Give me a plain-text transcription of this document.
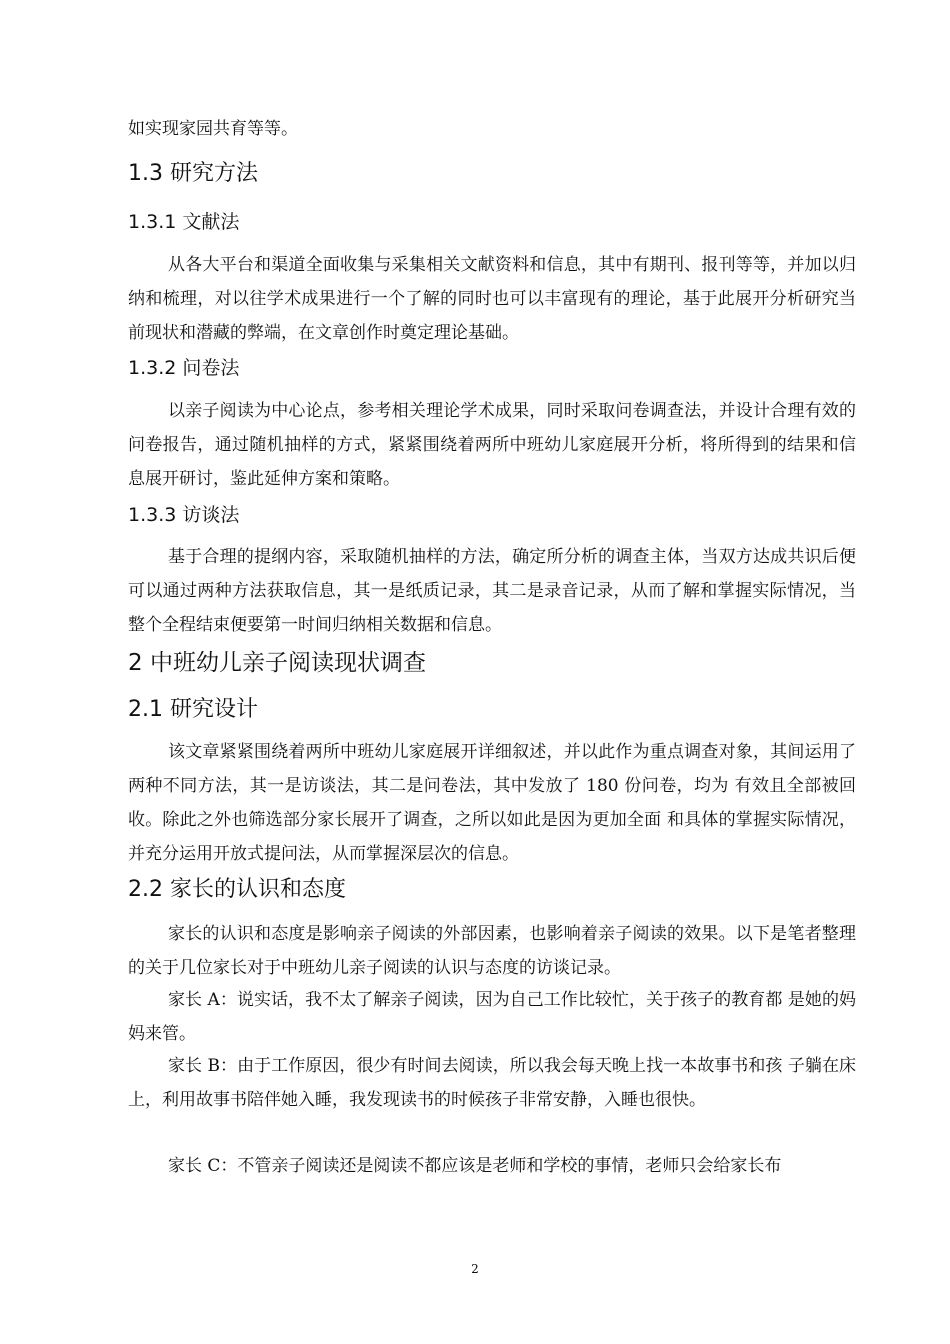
如实现家园共育等等。

1.3 研究方法
1.3.1 文献法

从各大平台和渠道全面收集与采集相关文献资料和信息，其中有期刊、报刊等等，并加以归纳和梳理，对以往学术成果进行一个了解的同时也可以丰富现有的理论，基于此展开分析研究当前现状和潜藏的弊端，在文章创作时奠定理论基础。

1.3.2 问卷法

以亲子阅读为中心论点，参考相关理论学术成果，同时采取问卷调查法，并设计合理有效的问卷报告，通过随机抽样的方式，紧紧围绕着两所中班幼儿家庭展开分析，将所得到的结果和信息展开研讨，鉴此延伸方案和策略。

1.3.3 访谈法

基于合理的提纲内容，采取随机抽样的方法，确定所分析的调查主体，当双方达成共识后便可以通过两种方法获取信息，其一是纸质记录，其二是录音记录，从而了解和掌握实际情况，当整个全程结束便要第一时间归纳相关数据和信息。

2 中班幼儿亲子阅读现状调查
2.1 研究设计

该文章紧紧围绕着两所中班幼儿家庭展开详细叙述，并以此作为重点调查对象，其间运用了两种不同方法，其一是访谈法，其二是问卷法，其中发放了 180 份问卷，均为 有效且全部被回收。除此之外也筛选部分家长展开了调查，之所以如此是因为更加全面 和具体的掌握实际情况，并充分运用开放式提问法，从而掌握深层次的信息。

2.2 家长的认识和态度

家长的认识和态度是影响亲子阅读的外部因素，也影响着亲子阅读的效果。以下是笔者整理的关于几位家长对于中班幼儿亲子阅读的认识与态度的访谈记录。

家长 A：说实话，我不太了解亲子阅读，因为自己工作比较忙，关于孩子的教育都 是她的妈妈来管。

家长 B：由于工作原因，很少有时间去阅读，所以我会每天晚上找一本故事书和孩 子躺在床上，利用故事书陪伴她入睡，我发现读书的时候孩子非常安静，入睡也很快。

家长 C：不管亲子阅读还是阅读不都应该是老师和学校的事情，老师只会给家长布

2
